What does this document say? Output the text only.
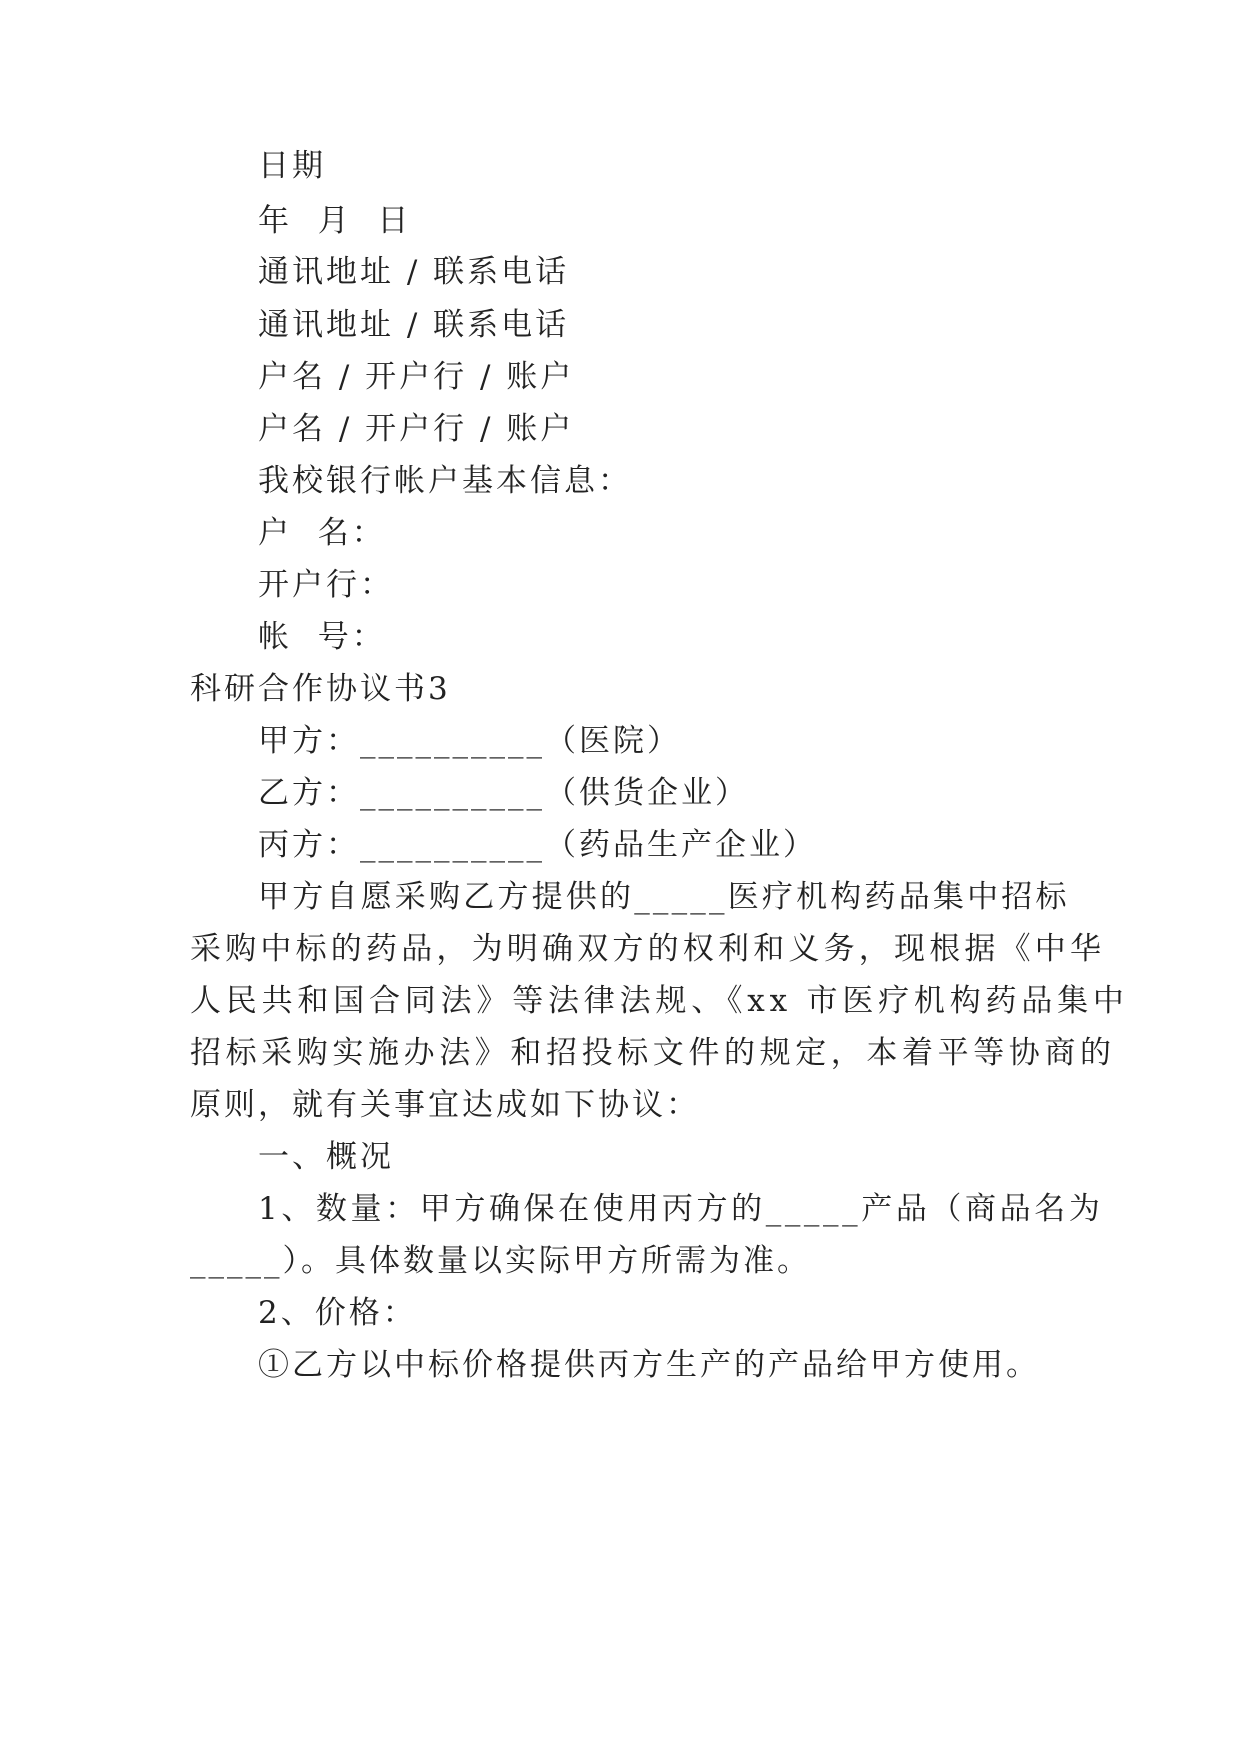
日期

年  月  日

通讯地址 / 联系电话

通讯地址 / 联系电话

户名 / 开户行 / 账户

户名 / 开户行 / 账户

我校银行帐户基本信息：

户  名：

开户行：

帐  号：

科研合作协议书3

甲方：__________（医院）

乙方：__________（供货企业）

丙方：__________（药品生产企业）

甲方自愿采购乙方提供的_____医疗机构药品集中招标

采购中标的药品，为明确双方的权利和义务，现根据《中华

人民共和国合同法》等法律法规、《xx 市医疗机构药品集中

招标采购实施办法》和招投标文件的规定，本着平等协商的

原则，就有关事宜达成如下协议：

一、概况

1、数量：甲方确保在使用丙方的_____产品（商品名为

_____）。具体数量以实际甲方所需为准。

2、价格：

①乙方以中标价格提供丙方生产的产品给甲方使用。
